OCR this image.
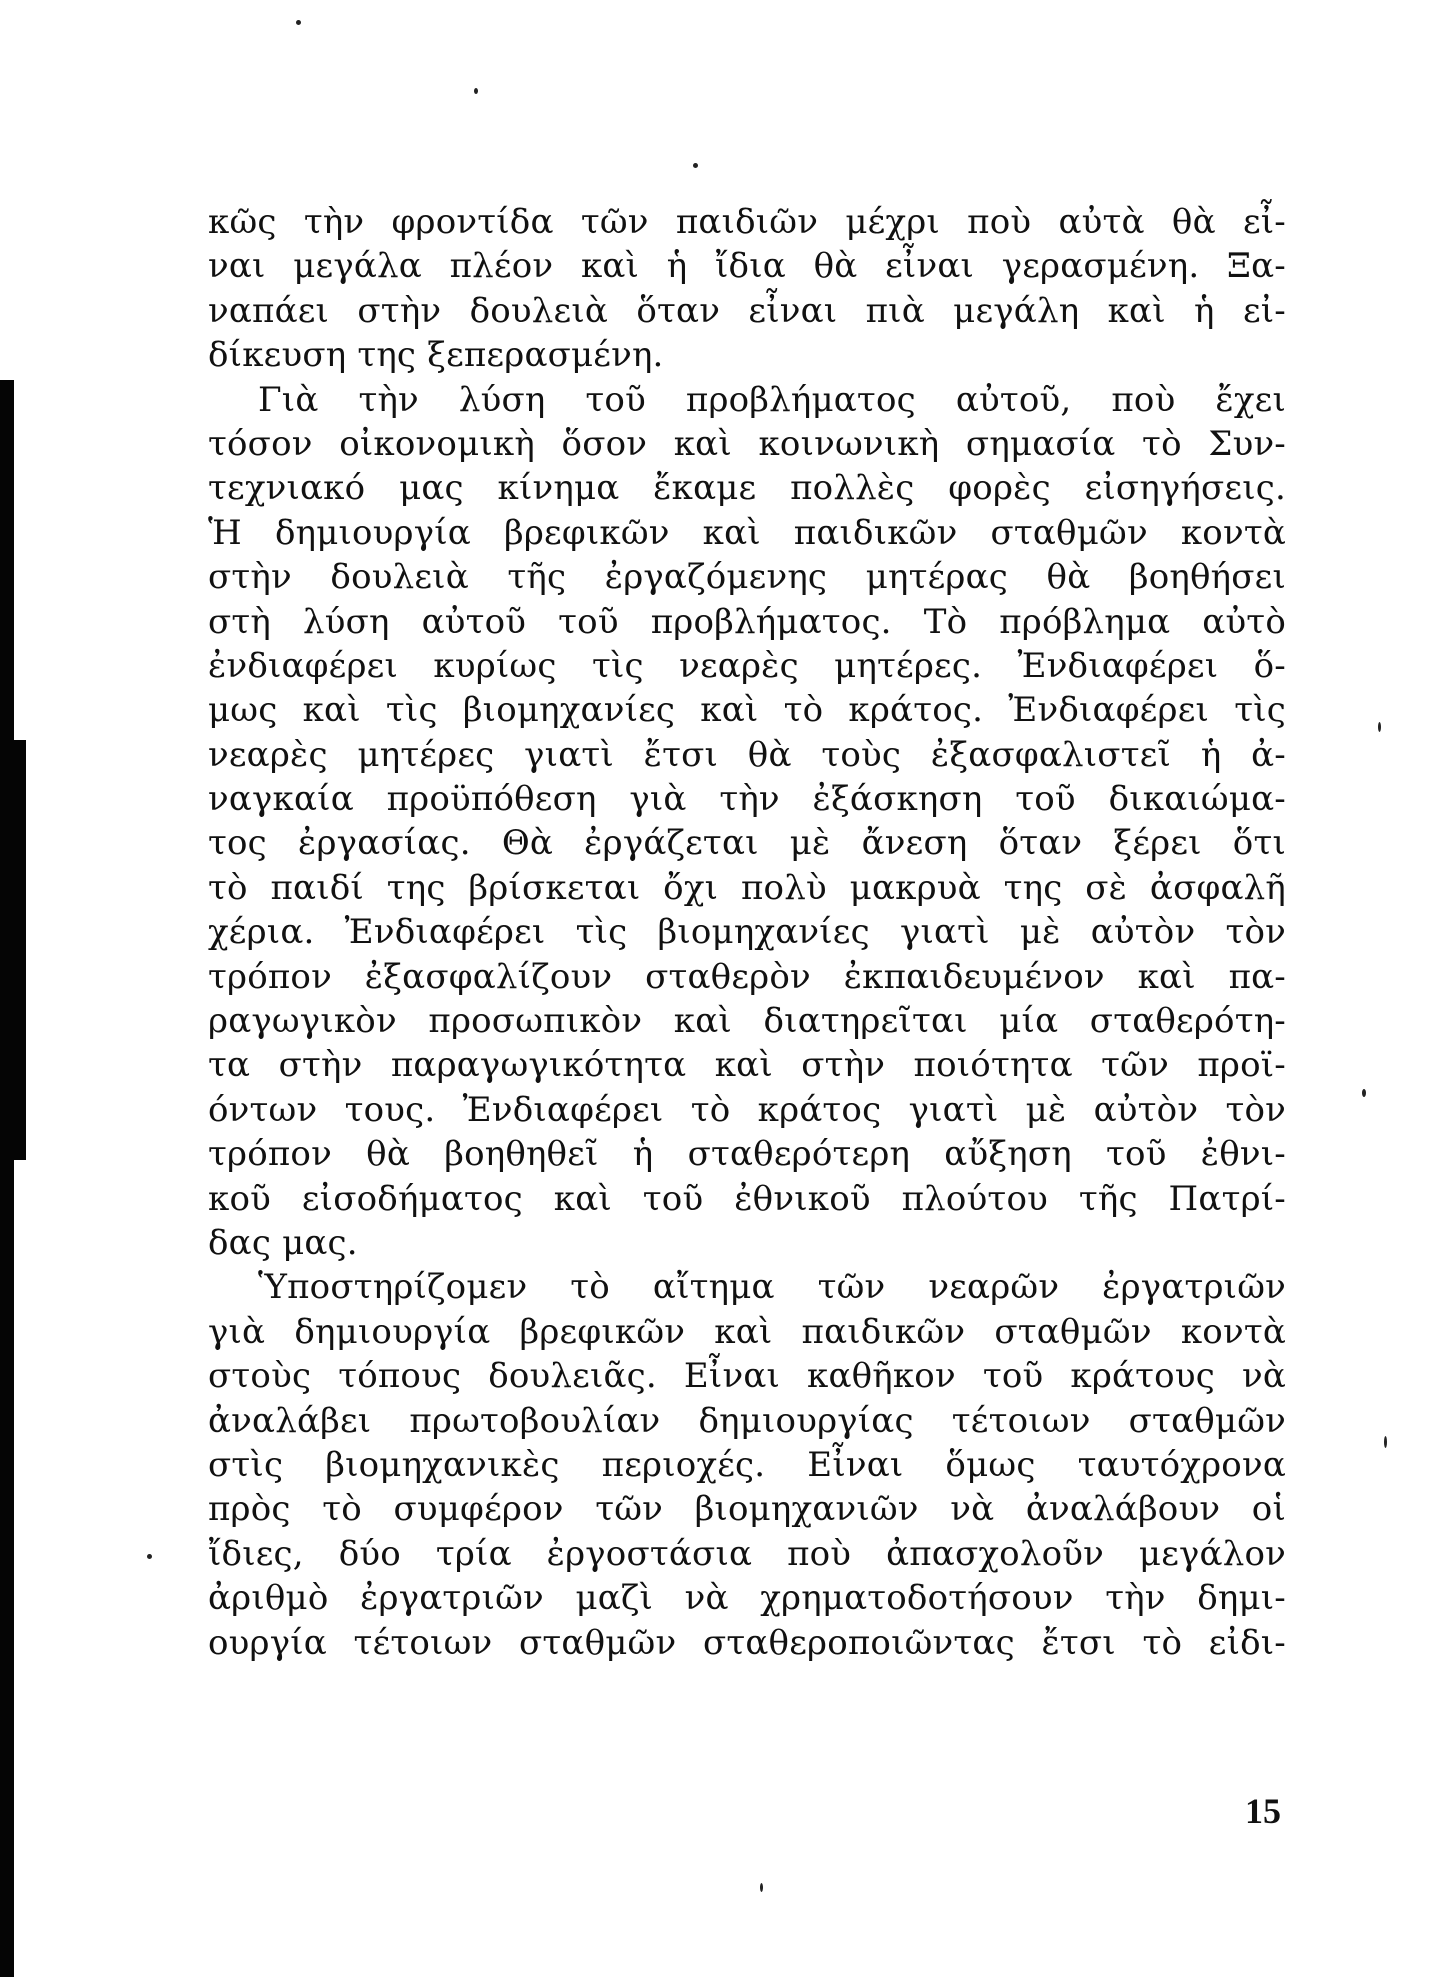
κῶς τὴν φροντίδα τῶν παιδιῶν μέχρι ποὺ αὐτὰ θὰ εἶ-
ναι μεγάλα πλέον καὶ ἡ ἴδια θὰ εἶναι γερασμένη. Ξα-
ναπάει στὴν δουλειὰ ὅταν εἶναι πιὰ μεγάλη καὶ ἡ εἰ-
δίκευση της ξεπερασμένη.
Γιὰ τὴν λύση τοῦ προβλήματος αὐτοῦ, ποὺ ἔχει
τόσον οἰκονομικὴ ὅσον καὶ κοινωνικὴ σημασία τὸ Συν-
τεχνιακό μας κίνημα ἔκαμε πολλὲς φορὲς εἰσηγήσεις.
Ἡ δημιουργία βρεφικῶν καὶ παιδικῶν σταθμῶν κοντὰ
στὴν δουλειὰ τῆς ἐργαζόμενης μητέρας θὰ βοηθήσει
στὴ λύση αὐτοῦ τοῦ προβλήματος. Τὸ πρόβλημα αὐτὸ
ἐνδιαφέρει κυρίως τὶς νεαρὲς μητέρες. Ἐνδιαφέρει ὅ-
μως καὶ τὶς βιομηχανίες καὶ τὸ κράτος. Ἐνδιαφέρει τὶς
νεαρὲς μητέρες γιατὶ ἔτσι θὰ τοὺς ἐξασφαλιστεῖ ἡ ἀ-
ναγκαία προϋπόθεση γιὰ τὴν ἐξάσκηση τοῦ δικαιώμα-
τος ἐργασίας. Θὰ ἐργάζεται μὲ ἄνεση ὅταν ξέρει ὅτι
τὸ παιδί της βρίσκεται ὄχι πολὺ μακρυὰ της σὲ ἀσφαλῆ
χέρια. Ἐνδιαφέρει τὶς βιομηχανίες γιατὶ μὲ αὐτὸν τὸν
τρόπον ἐξασφαλίζουν σταθερὸν ἐκπαιδευμένον καὶ πα-
ραγωγικὸν προσωπικὸν καὶ διατηρεῖται μία σταθερότη-
τα στὴν παραγωγικότητα καὶ στὴν ποιότητα τῶν προϊ-
όντων τους. Ἐνδιαφέρει τὸ κράτος γιατὶ μὲ αὐτὸν τὸν
τρόπον θὰ βοηθηθεῖ ἡ σταθερότερη αὔξηση τοῦ ἐθνι-
κοῦ εἰσοδήματος καὶ τοῦ ἐθνικοῦ πλούτου τῆς Πατρί-
δας μας.
Ὑποστηρίζομεν τὸ αἴτημα τῶν νεαρῶν ἐργατριῶν
γιὰ δημιουργία βρεφικῶν καὶ παιδικῶν σταθμῶν κοντὰ
στοὺς τόπους δουλειᾶς. Εἶναι καθῆκον τοῦ κράτους νὰ
ἀναλάβει πρωτοβουλίαν δημιουργίας τέτοιων σταθμῶν
στὶς βιομηχανικὲς περιοχές. Εἶναι ὅμως ταυτόχρονα
πρὸς τὸ συμφέρον τῶν βιομηχανιῶν νὰ ἀναλάβουν οἱ
ἴδιες, δύο τρία ἐργοστάσια ποὺ ἀπασχολοῦν μεγάλον
ἀριθμὸ ἐργατριῶν μαζὶ νὰ χρηματοδοτήσουν τὴν δημι-
ουργία τέτοιων σταθμῶν σταθεροποιῶντας ἔτσι τὸ εἰδι-
15
